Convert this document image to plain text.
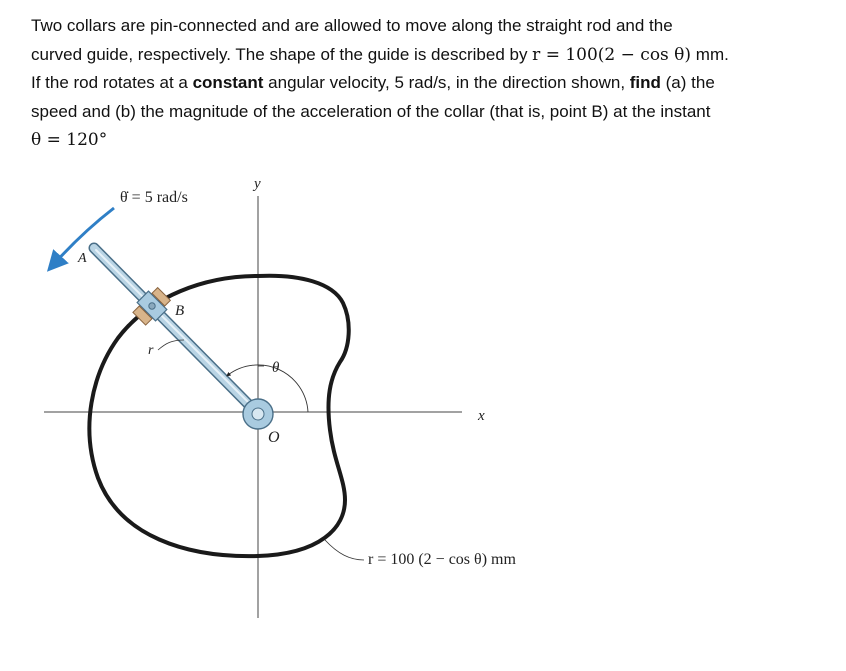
Two collars are pin-connected and are allowed to move along the straight rod and the
curved guide, respectively. The shape of the guide is described by r = 100(2 − cos θ) mm.
If the rod rotates at a constant angular velocity, 5 rad/s, in the direction shown, find (a) the
speed and (b) the magnitude of the acceleration of the collar (that is, point B) at the instant
θ = 120°
y
x
O
θ̇ = 5 rad/s
A
B
r
θ
r = 100 (2 − cos θ) mm
